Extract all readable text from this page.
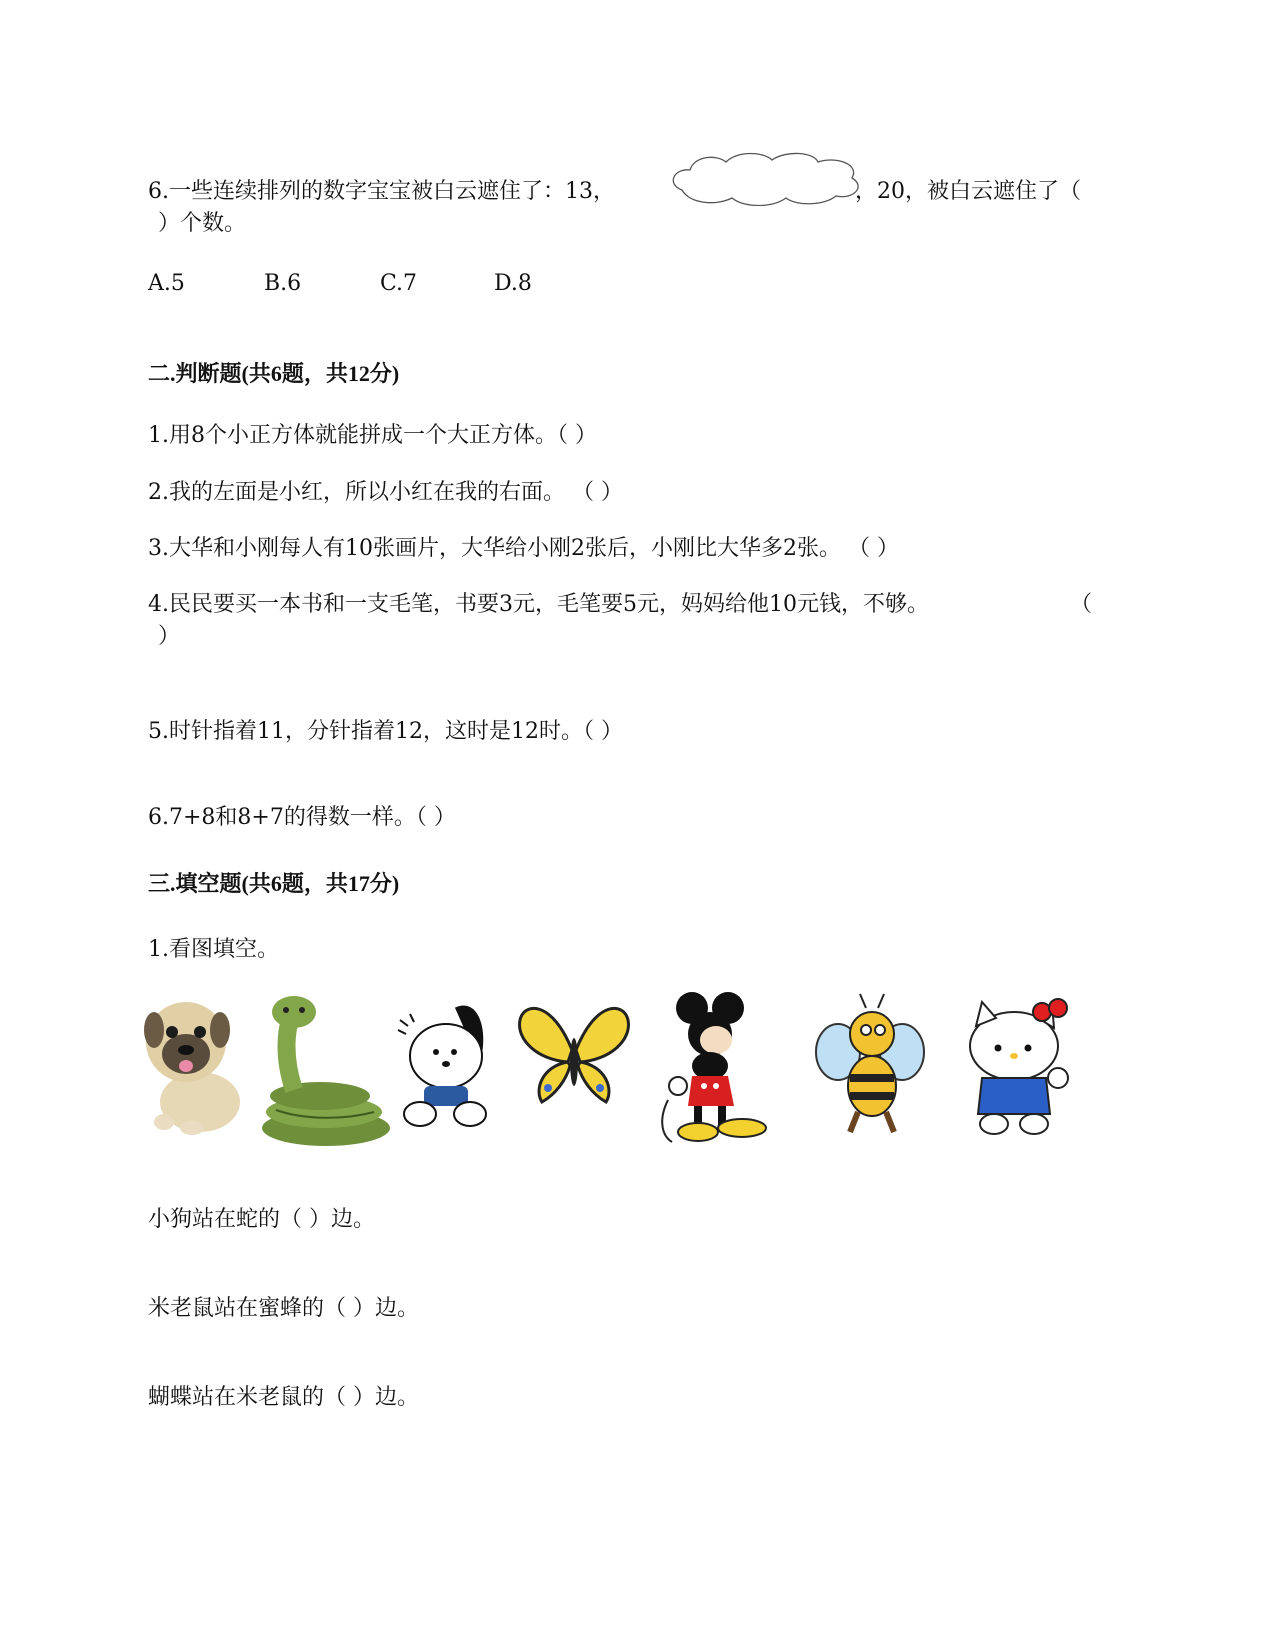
6.一些连续排列的数字宝宝被白云遮住了：13，	，20，被白云遮住了（
）个数。
A.5	B.6	C.7	D.8
二.判断题(共6题，共12分)
1.用8个小正方体就能拼成一个大正方体。（ ）
2.我的左面是小红，所以小红在我的右面。 （ ）
3.大华和小刚每人有10张画片，大华给小刚2张后，小刚比大华多2张。 （ ）
4.民民要买一本书和一支毛笔，书要3元，毛笔要5元，妈妈给他10元钱，不够。	（
）
5.时针指着11，分针指着12，这时是12时。（ ）
6.7+8和8+7的得数一样。（ ）
三.填空题(共6题，共17分)
1.看图填空。
小狗站在蛇的（ ）边。
米老鼠站在蜜蜂的（ ）边。
蝴蝶站在米老鼠的（ ）边。
